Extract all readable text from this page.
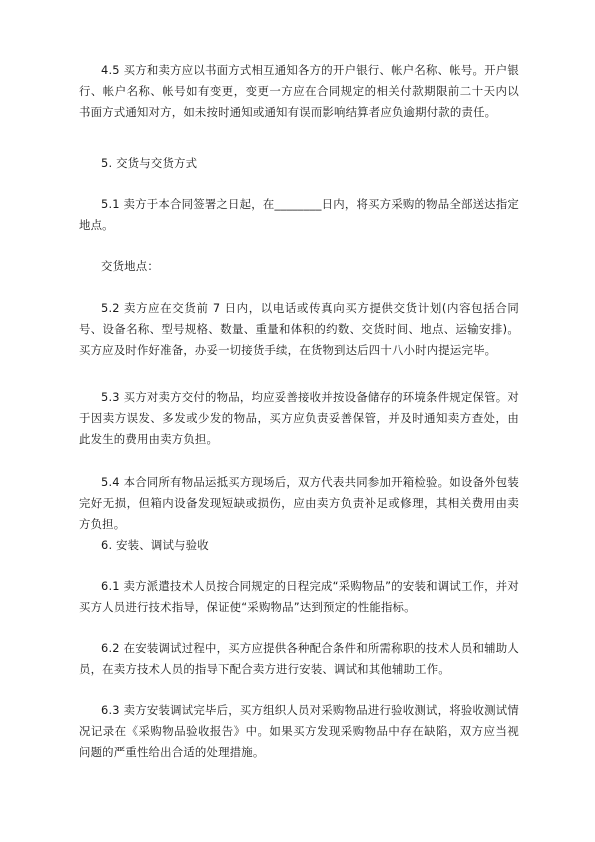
4.5 买方和卖方应以书面方式相互通知各方的开户银行、帐户名称、帐号。开户银行、帐户名称、帐号如有变更，变更一方应在合同规定的相关付款期限前二十天内以书面方式通知对方，如未按时通知或通知有误而影响结算者应负逾期付款的责任。

5. 交货与交货方式

5.1 卖方于本合同签署之日起，在________日内，将买方采购的物品全部送达指定地点。

交货地点：

5.2 卖方应在交货前 7 日内，以电话或传真向买方提供交货计划(内容包括合同号、设备名称、型号规格、数量、重量和体积的约数、交货时间、地点、运输安排)。买方应及时作好准备，办妥一切接货手续，在货物到达后四十八小时内提运完毕。

5.3 买方对卖方交付的物品，均应妥善接收并按设备储存的环境条件规定保管。对于因卖方误发、多发或少发的物品，买方应负责妥善保管，并及时通知卖方查处，由此发生的费用由卖方负担。

5.4 本合同所有物品运抵买方现场后，双方代表共同参加开箱检验。如设备外包装完好无损，但箱内设备发现短缺或损伤，应由卖方负责补足或修理，其相关费用由卖方负担。

6. 安装、调试与验收

6.1 卖方派遣技术人员按合同规定的日程完成“采购物品”的安装和调试工作，并对买方人员进行技术指导，保证使“采购物品”达到预定的性能指标。

6.2 在安装调试过程中，买方应提供各种配合条件和所需称职的技术人员和辅助人员，在卖方技术人员的指导下配合卖方进行安装、调试和其他辅助工作。

6.3 卖方安装调试完毕后，买方组织人员对采购物品进行验收测试，将验收测试情况记录在《采购物品验收报告》中。如果买方发现采购物品中存在缺陷，双方应当视问题的严重性给出合适的处理措施。
